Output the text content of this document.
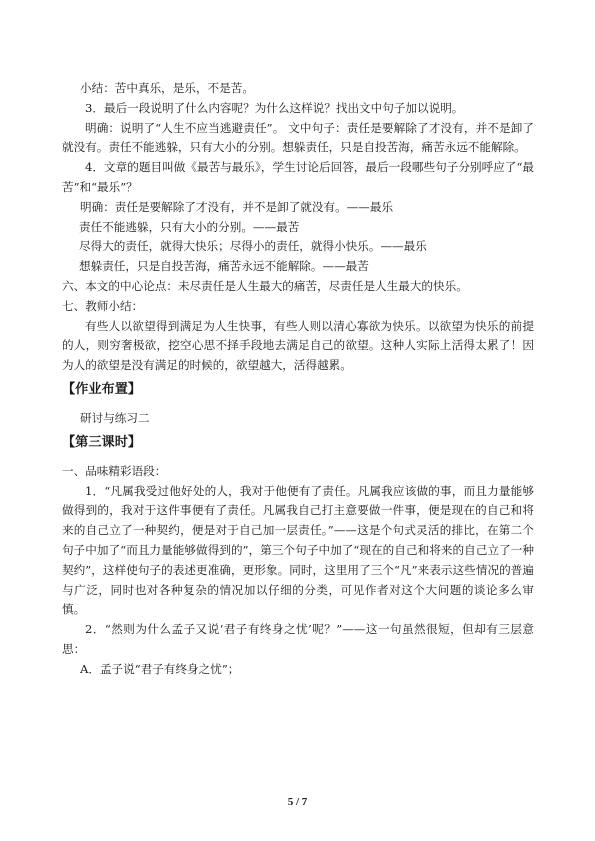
小结：苦中真乐，是乐，不是苦。

3．最后一段说明了什么内容呢？为什么这样说？找出文中句子加以说明。

明确：说明了“人生不应当逃避责任”。 文中句子：责任是要解除了才没有，并不是卸了就没有。责任不能逃躲，只有大小的分别。想躲责任，只是自投苦海，痛苦永远不能解除。

4．文章的题目叫做《最苦与最乐》，学生讨论后回答，最后一段哪些句子分别呼应了“最苦”和“最乐”？

明确：责任是要解除了才没有，并不是卸了就没有。——最乐

责任不能逃躲，只有大小的分别。——最苦

尽得大的责任，就得大快乐；尽得小的责任，就得小快乐。——最乐

想躲责任，只是自投苦海，痛苦永远不能解除。——最苦

六、本文的中心论点：未尽责任是人生最大的痛苦，尽责任是人生最大的快乐。

七、教师小结：

有些人以欲望得到满足为人生快事，有些人则以清心寡欲为快乐。以欲望为快乐的前提的人，则穷奢极欲，挖空心思不择手段地去满足自己的欲望。这种人实际上活得太累了！因为人的欲望是没有满足的时候的，欲望越大，活得越累。

【作业布置】

研讨与练习二

【第三课时】

一、品味精彩语段：

1．“凡属我受过他好处的人，我对于他便有了责任。凡属我应该做的事，而且力量能够做得到的，我对于这件事便有了责任。凡属我自己打主意要做一件事，便是现在的自己和将来的自己立了一种契约，便是对于自己加一层责任。”——这是个句式灵活的排比，在第二个句子中加了“而且力量能够做得到的”，第三个句子中加了“现在的自己和将来的自己立了一种契约”，这样使句子的表述更准确，更形象。同时，这里用了三个“凡”来表示这些情况的普遍与广泛，同时也对各种复杂的情况加以仔细的分类，可见作者对这个大问题的谈论多么审慎。

2．“然则为什么孟子又说‘君子有终身之忧’呢？”——这一句虽然很短，但却有三层意思：

A．孟子说“君子有终身之忧”；

5 / 7
